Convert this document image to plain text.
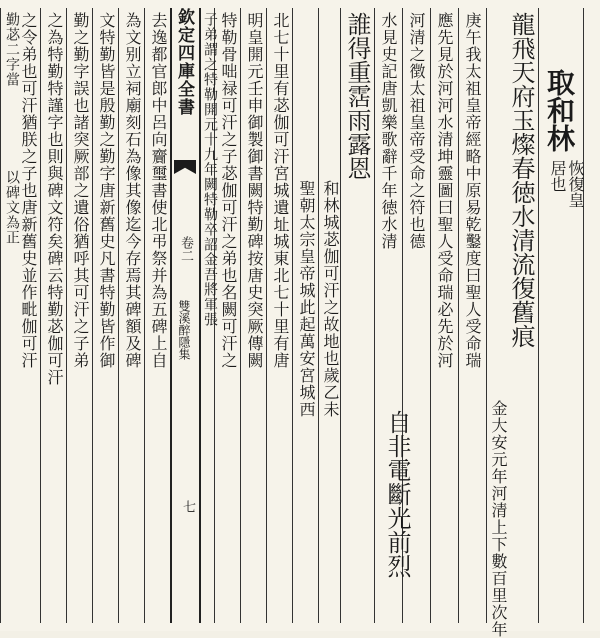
欽定四庫全書
卷二
雙溪醉隱集
七
取和林
恢復皇
居也
龍飛天府玉燦春徳水清流復舊痕
金大安元年河清上下數百里次年
庚午我太祖皇帝經略中原易乾鑿度曰聖人受命瑞
應先見於河河水清坤靈圖曰聖人受命瑞必先於河
河清之徴太祖皇帝受命之符也德
水見史記唐凱樂歌辭千年徳水清
自非電斷光前烈
誰得重霑雨露恩
和林城苾伽可汗之故地也歲乙未
聖朝太宗皇帝城此起萬安宮城西
北七十里有苾伽可汗宮城遺址城東北七十里有唐
明皇開元壬申御製御書闕特勤碑按唐史突厥傳闕
特勒骨咄禄可汗之子苾伽可汗之弟也名闕可汗之
子弟謂之特勒開元十九年闕特勒卒詔金吾將軍張
去逸都官郎中呂向齎璽書使北弔祭并為五碑上自
為文别立祠廟刻石為像其像迄今存焉其碑額及碑
文特勤皆是殷勤之勤字唐新舊史凡書特勤皆作御
勤之勤字誤也諸突厥部之遺俗猶呼其可汗之子弟
之為特勤特謹字也則與碑文符矣碑云特勤苾伽可汗
之令弟也可汗猶朕之子也唐新舊史並作毗伽可汗
勤苾二字當
以碑文為正
